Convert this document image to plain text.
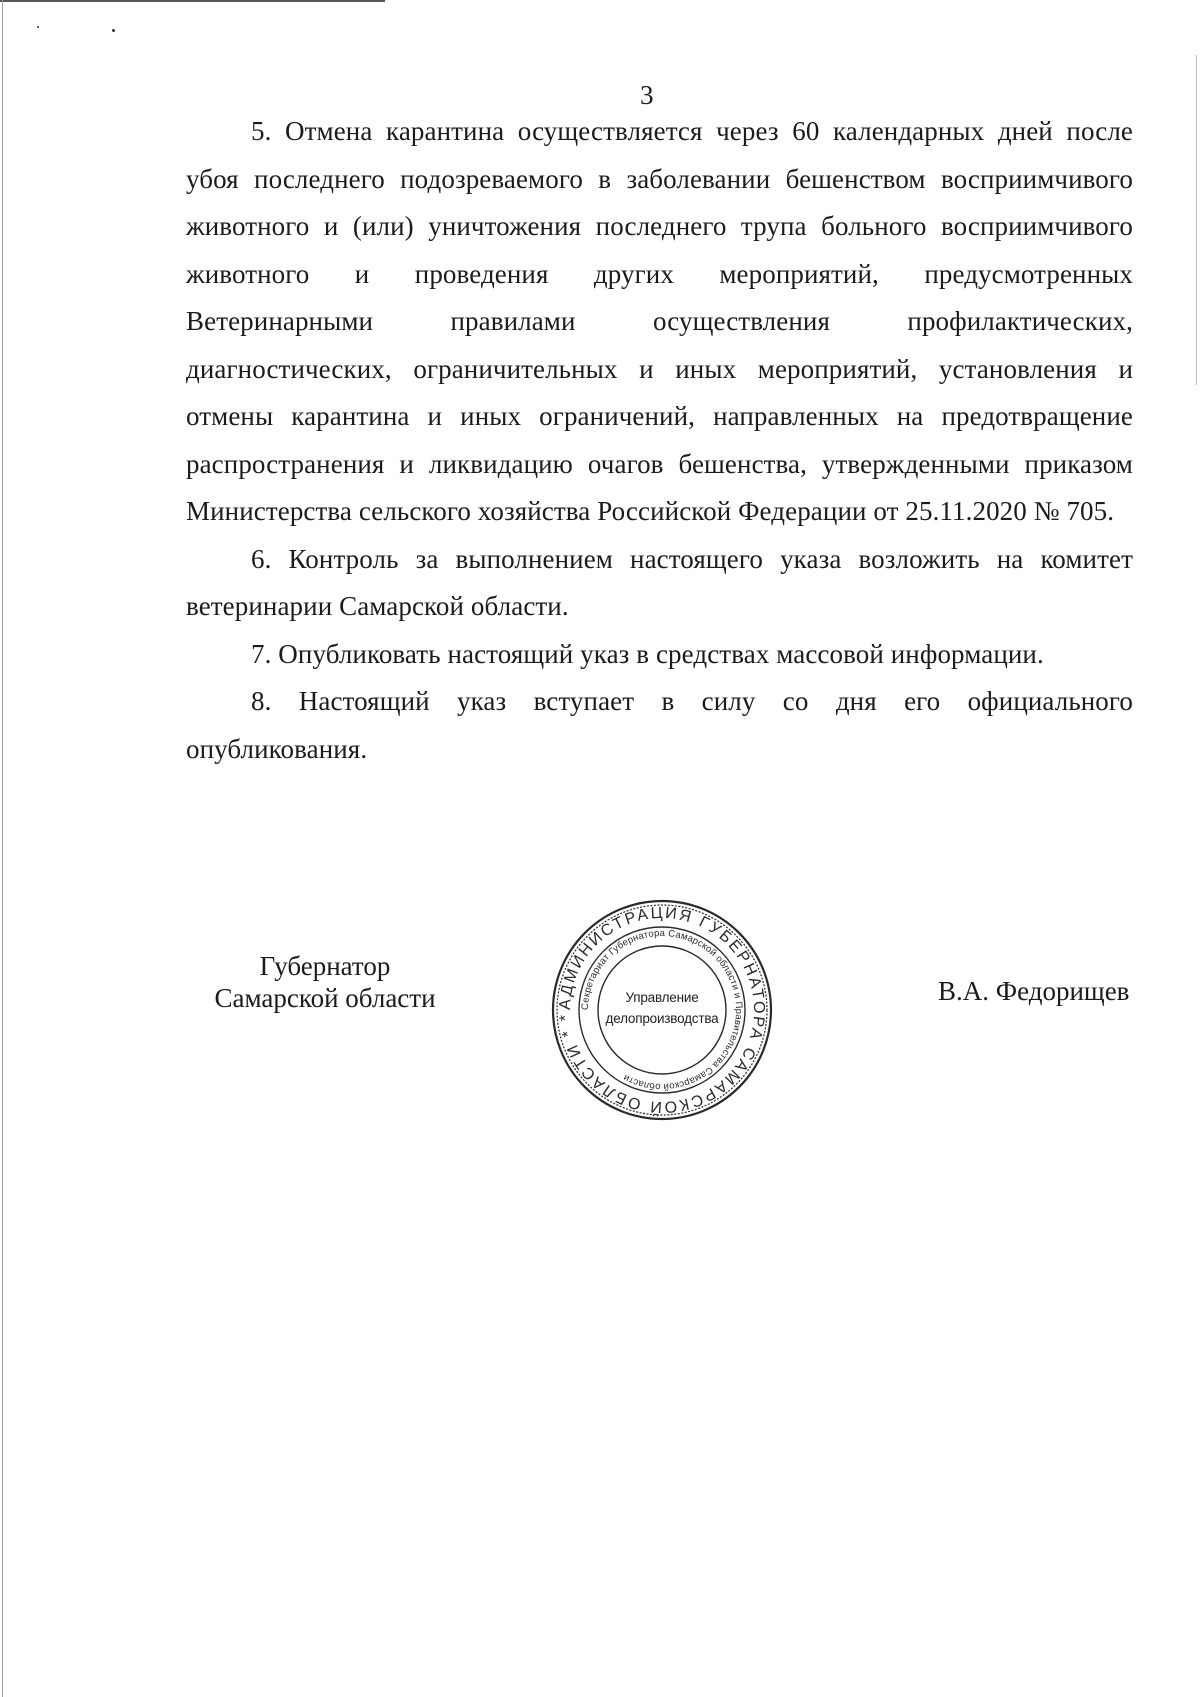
3

5. Отмена карантина осуществляется через 60 календарных дней после убоя последнего подозреваемого в заболевании бешенством восприимчивого животного и (или) уничтожения последнего трупа больного восприимчивого животного и проведения других мероприятий, предусмотренных Ветеринарными правилами осуществления профилактических, диагностических, ограничительных и иных мероприятий, установления и отмены карантина и иных ограничений, направленных на предотвращение распространения и ликвидацию очагов бешенства, утвержденными приказом Министерства сельского хозяйства Российской Федерации от 25.11.2020 № 705.

6. Контроль за выполнением настоящего указа возложить на комитет ветеринарии Самарской области.

7. Опубликовать настоящий указ в средствах массовой информации.

8. Настоящий указ вступает в силу со дня его официального опубликования.

Губернатор
Самарской области	АДМИНИСТРАЦИЯ ГУБЕРНАТОРА САМАРСКОЙ ОБЛАСТИ * *
Секретариат Губернатора Самарской области и Правительства Самарской области
Управление
делопроизводства
В.А. Федорищев
